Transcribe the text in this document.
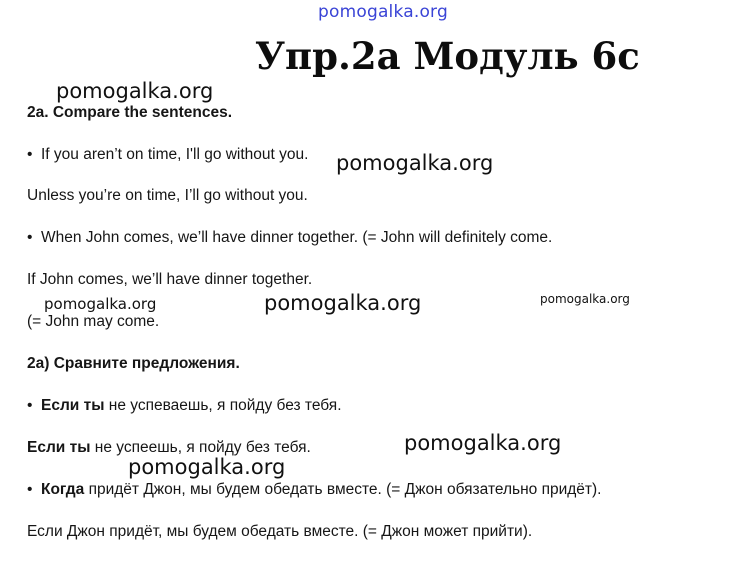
pomogalka.org
Упр.2a Модуль 6c
pomogalka.org
pomogalka.org
pomogalka.org	pomogalka.org	pomogalka.org
pomogalka.org
pomogalka.org
2a. Compare the sentences.
• If you aren’t on time, I'll go without you.
Unless you’re on time, I’ll go without you.
• When John comes, we’ll have dinner together. (= John will definitely come.
If John comes, we’ll have dinner together.
(= John may come.
2a) Сравните предложения.
• Если ты не успеваешь, я пойду без тебя.
Если ты не успеешь, я пойду без тебя.
• Когда придёт Джон, мы будем обедать вместе. (= Джон обязательно придёт).
Если Джон придёт, мы будем обедать вместе. (= Джон может прийти).
